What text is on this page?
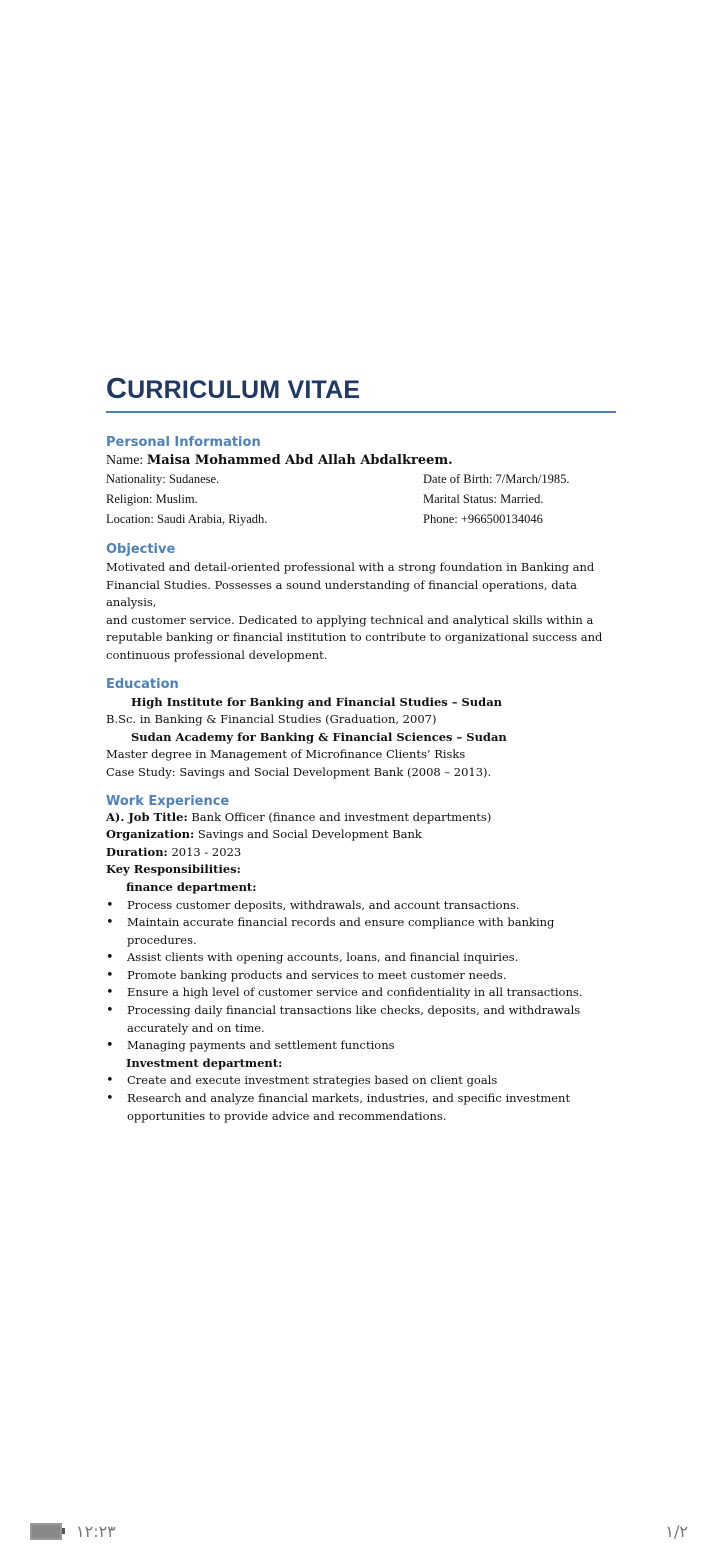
CURRICULUM VITAE
Personal Information
Name: Maisa Mohammed Abd Allah Abdalkreem.
Nationality: Sudanese.	Date of Birth: 7/March/1985.
Religion: Muslim.	Marital Status: Married.
Location: Saudi Arabia, Riyadh.	Phone: +966500134046
Objective

Motivated and detail-oriented professional with a strong foundation in Banking and
Financial Studies. Possesses a sound understanding of financial operations, data analysis,
and customer service. Dedicated to applying technical and analytical skills within a
reputable banking or financial institution to contribute to organizational success and
continuous professional development.

Education
High Institute for Banking and Financial Studies – Sudan
B.Sc. in Banking & Financial Studies (Graduation, 2007)
Sudan Academy for Banking & Financial Sciences – Sudan
Master degree in Management of Microfinance Clients’ Risks
Case Study: Savings and Social Development Bank (2008 – 2013).
Work Experience
A). Job Title: Bank Officer (finance and investment departments)
Organization: Savings and Social Development Bank
Duration: 2013 - 2023
Key Responsibilities:
finance department:
• Process customer deposits, withdrawals, and account transactions.
• Maintain accurate financial records and ensure compliance with banking procedures.
• Assist clients with opening accounts, loans, and financial inquiries.
• Promote banking products and services to meet customer needs.
• Ensure a high level of customer service and confidentiality in all transactions.
• Processing daily financial transactions like checks, deposits, and withdrawals accurately and on time.
• Managing payments and settlement functions
Investment department:
• Create and execute investment strategies based on client goals
• Research and analyze financial markets, industries, and specific investment opportunities to provide advice and recommendations.
١٢:٢٣	١/٢
